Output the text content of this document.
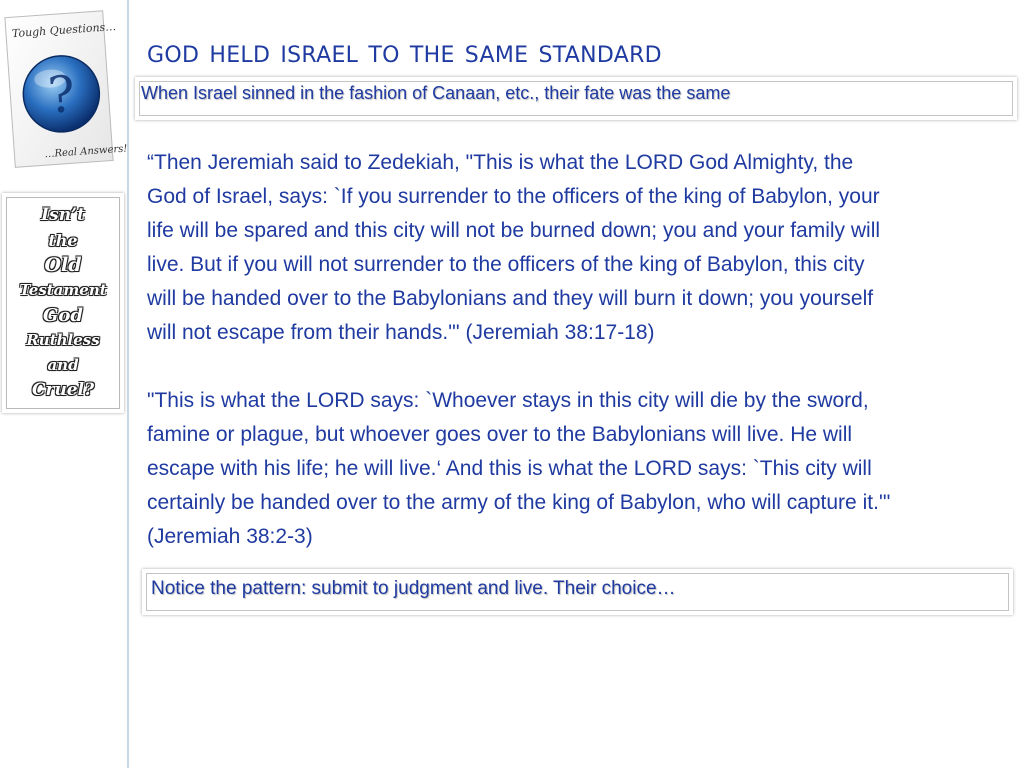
Tough Questions…
?
…Real Answers!
Isn’t
the
Old
Testament
God
Ruthless
and
Cruel?
god held israel to the same standard
When Israel sinned in the fashion of Canaan, etc., their fate was the same

“Then Jeremiah said to Zedekiah, "This is what the LORD God Almighty, the
God of Israel, says: `If you surrender to the officers of the king of Babylon, your
life will be spared and this city will not be burned down; you and your family will
live. But if you will not surrender to the officers of the king of Babylon, this city
will be handed over to the Babylonians and they will burn it down; you yourself
will not escape from their hands.'" (Jeremiah 38:17-18)

"This is what the LORD says: `Whoever stays in this city will die by the sword,
famine or plague, but whoever goes over to the Babylonians will live. He will
escape with his life; he will live.‘ And this is what the LORD says: `This city will
certainly be handed over to the army of the king of Babylon, who will capture it.'"
(Jeremiah 38:2-3)

Notice the pattern: submit to judgment and live. Their choice…
